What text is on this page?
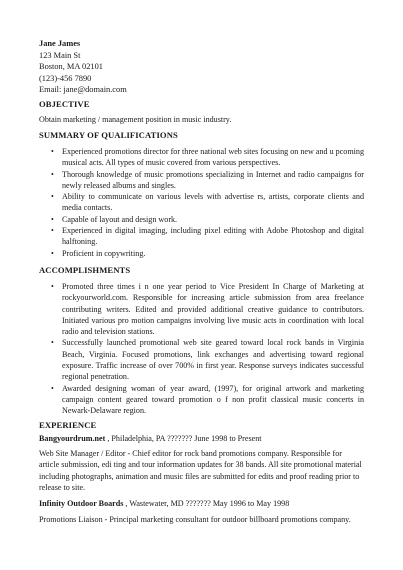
Jane James
123 Main St
Boston, MA 02101
(123)-456 7890
Email: jane@domain.com
OBJECTIVE
Obtain marketing / management position in music industry.
SUMMARY OF QUALIFICATIONS
• Experienced promotions director for three national web sites focusing on new and u pcoming musical acts. All types of music covered from various perspectives.
• Thorough knowledge of music promotions specializing in Internet and radio campaigns for newly released albums and singles.
• Ability to communicate on various levels with advertise rs, artists, corporate clients and media contacts.
• Capable of layout and design work.
• Experienced in digital imaging, including pixel editing with Adobe Photoshop and digital halftoning.
• Proficient in copywriting.
ACCOMPLISHMENTS
• Promoted three times i n one year period to Vice President In Charge of Marketing at rockyourworld.com. Responsible for increasing article submission from area freelance contributing writers. Edited and provided additional creative guidance to contributors. Initiated various pro motion campaigns involving live music acts in coordination with local radio and television stations.
• Successfully launched promotional web site geared toward local rock bands in Virginia Beach, Virginia. Focused promotions, link exchanges and advertising toward regional exposure. Traffic increase of over 700% in first year. Response surveys indicates successful regional penetration.
• Awarded designing woman of year award, (1997), for original artwork and marketing campaign content geared toward promotion o f non profit classical music concerts in Newark-Delaware region.
EXPERIENCE
Bangyourdrum.net , Philadelphia, PA ??????? June 1998 to Present
Web Site Manager / Editor - Chief editor for rock band promotions company. Responsible for article submission, edi ting and tour information updates for 38 bands. All site promotional material including photographs, animation and music files are submitted for edits and proof reading prior to release to site.
Infinity Outdoor Boards , Wastewater, MD ??????? May 1996 to May 1998
Promotions Liaison - Principal marketing consultant for outdoor billboard promotions company.
